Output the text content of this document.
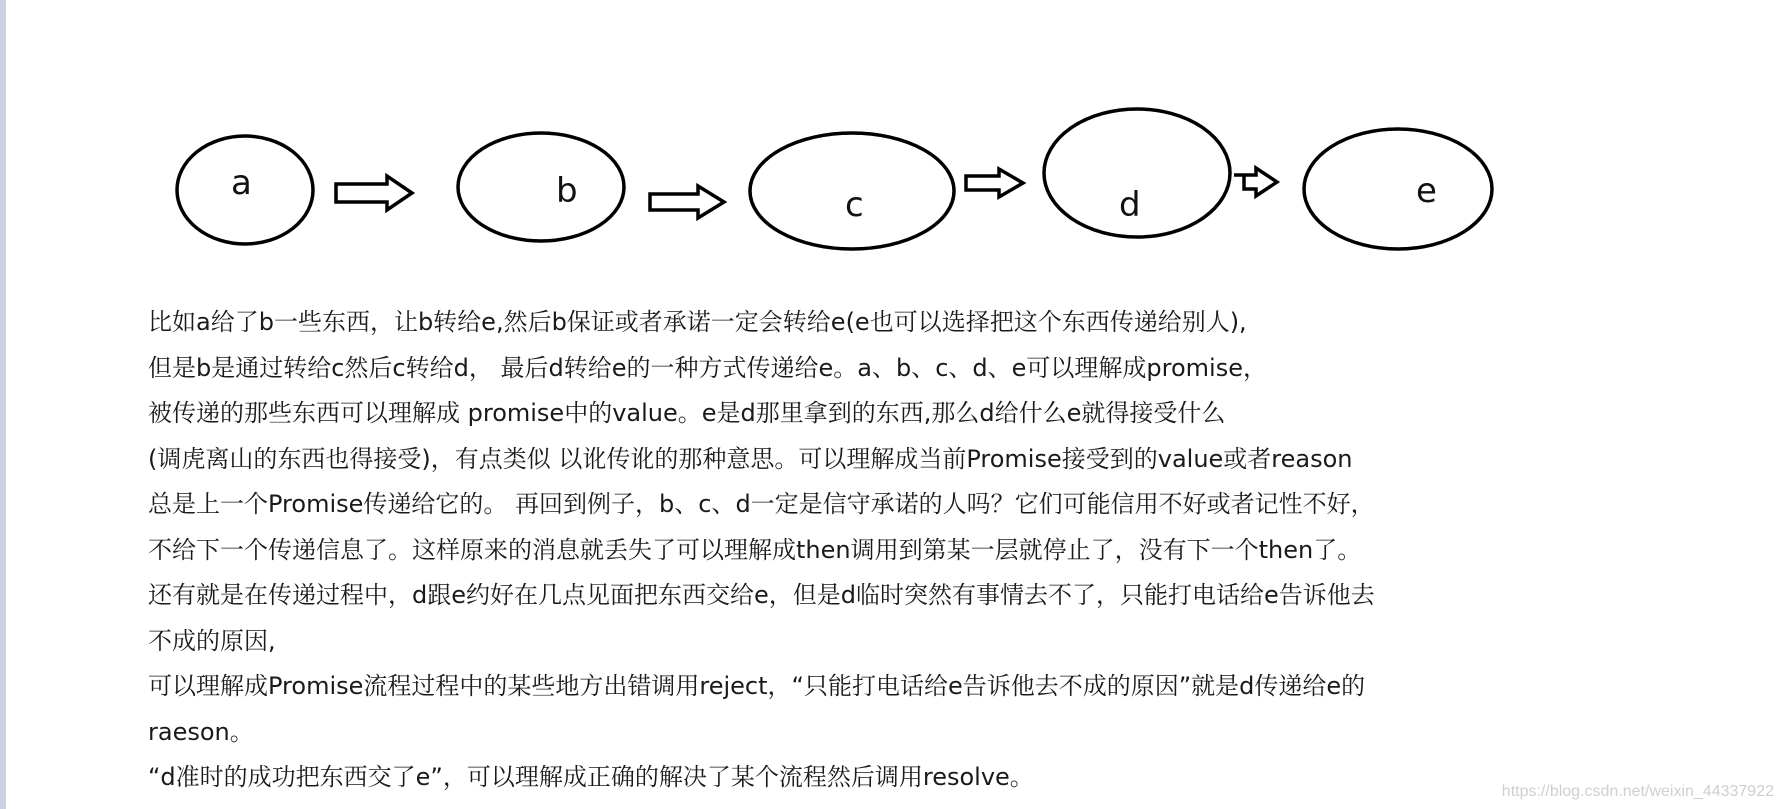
a	b	c	d	e
比如a给了b一些东西，让b转给e,然后b保证或者承诺一定会转给e(e也可以选择把这个东西传递给别人),
但是b是通过转给c然后c转给d， 最后d转给e的一种方式传递给e。a、b、c、d、e可以理解成promise，
被传递的那些东西可以理解成 promise中的value。e是d那里拿到的东西,那么d给什么e就得接受什么
(调虎离山的东西也得接受)，有点类似 以讹传讹的那种意思。可以理解成当前Promise接受到的value或者reason
总是上一个Promise传递给它的。 再回到例子，b、c、d一定是信守承诺的人吗？它们可能信用不好或者记性不好，
不给下一个传递信息了。这样原来的消息就丢失了可以理解成then调用到第某一层就停止了，没有下一个then了。
还有就是在传递过程中，d跟e约好在几点见面把东西交给e，但是d临时突然有事情去不了，只能打电话给e告诉他去
不成的原因,
可以理解成Promise流程过程中的某些地方出错调用reject，“只能打电话给e告诉他去不成的原因”就是d传递给e的
raeson。
“d准时的成功把东西交了e”，可以理解成正确的解决了某个流程然后调用resolve。
https://blog.csdn.net/weixin_44337922
